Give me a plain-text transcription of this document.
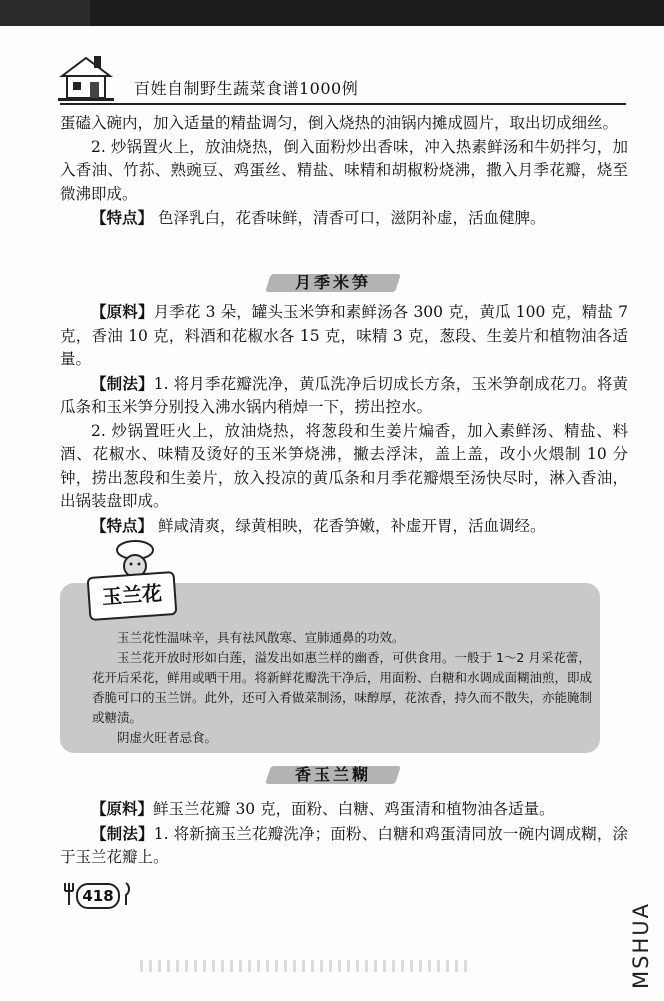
百姓自制野生蔬菜食谱1000例

蛋磕入碗内，加入适量的精盐调匀，倒入烧热的油锅内摊成圆片，取出切成细丝。

2. 炒锅置火上，放油烧热，倒入面粉炒出香味，冲入热素鲜汤和牛奶拌匀，加入香油、竹荪、熟豌豆、鸡蛋丝、精盐、味精和胡椒粉烧沸，撒入月季花瓣，烧至微沸即成。

【特点】 色泽乳白，花香味鲜，清香可口，滋阴补虚，活血健脾。

月季米笋

【原料】月季花 3 朵，罐头玉米笋和素鲜汤各 300 克，黄瓜 100 克，精盐 7 克，香油 10 克，料酒和花椒水各 15 克，味精 3 克，葱段、生姜片和植物油各适量。

【制法】1. 将月季花瓣洗净，黄瓜洗净后切成长方条，玉米笋剞成花刀。将黄瓜条和玉米笋分别投入沸水锅内稍焯一下，捞出控水。

2. 炒锅置旺火上，放油烧热，将葱段和生姜片煸香，加入素鲜汤、精盐、料酒、花椒水、味精及烫好的玉米笋烧沸，撇去浮沫，盖上盖，改小火煨制 10 分钟，捞出葱段和生姜片，放入投凉的黄瓜条和月季花瓣煨至汤快尽时，淋入香油，出锅装盘即成。

【特点】 鲜咸清爽，绿黄相映，花香笋嫩，补虚开胃，活血调经。

玉兰花

玉兰花性温味辛，具有祛风散寒、宣肺通鼻的功效。

玉兰花开放时形如白莲，溢发出如惠兰样的幽香，可供食用。一般于 1～2 月采花蕾，花开后采花，鲜用或晒干用。将新鲜花瓣洗干净后，用面粉、白糖和水调成面糊油煎，即成香脆可口的玉兰饼。此外，还可入肴做菜制汤，味醇厚，花浓香，持久而不散失，亦能腌制或糖渍。

阴虚火旺者忌食。

香玉兰糊

【原料】鲜玉兰花瓣 30 克，面粉、白糖、鸡蛋清和植物油各适量。

【制法】1. 将新摘玉兰花瓣洗净；面粉、白糖和鸡蛋清同放一碗内调成糊，涂于玉兰花瓣上。

418
MSHUA
